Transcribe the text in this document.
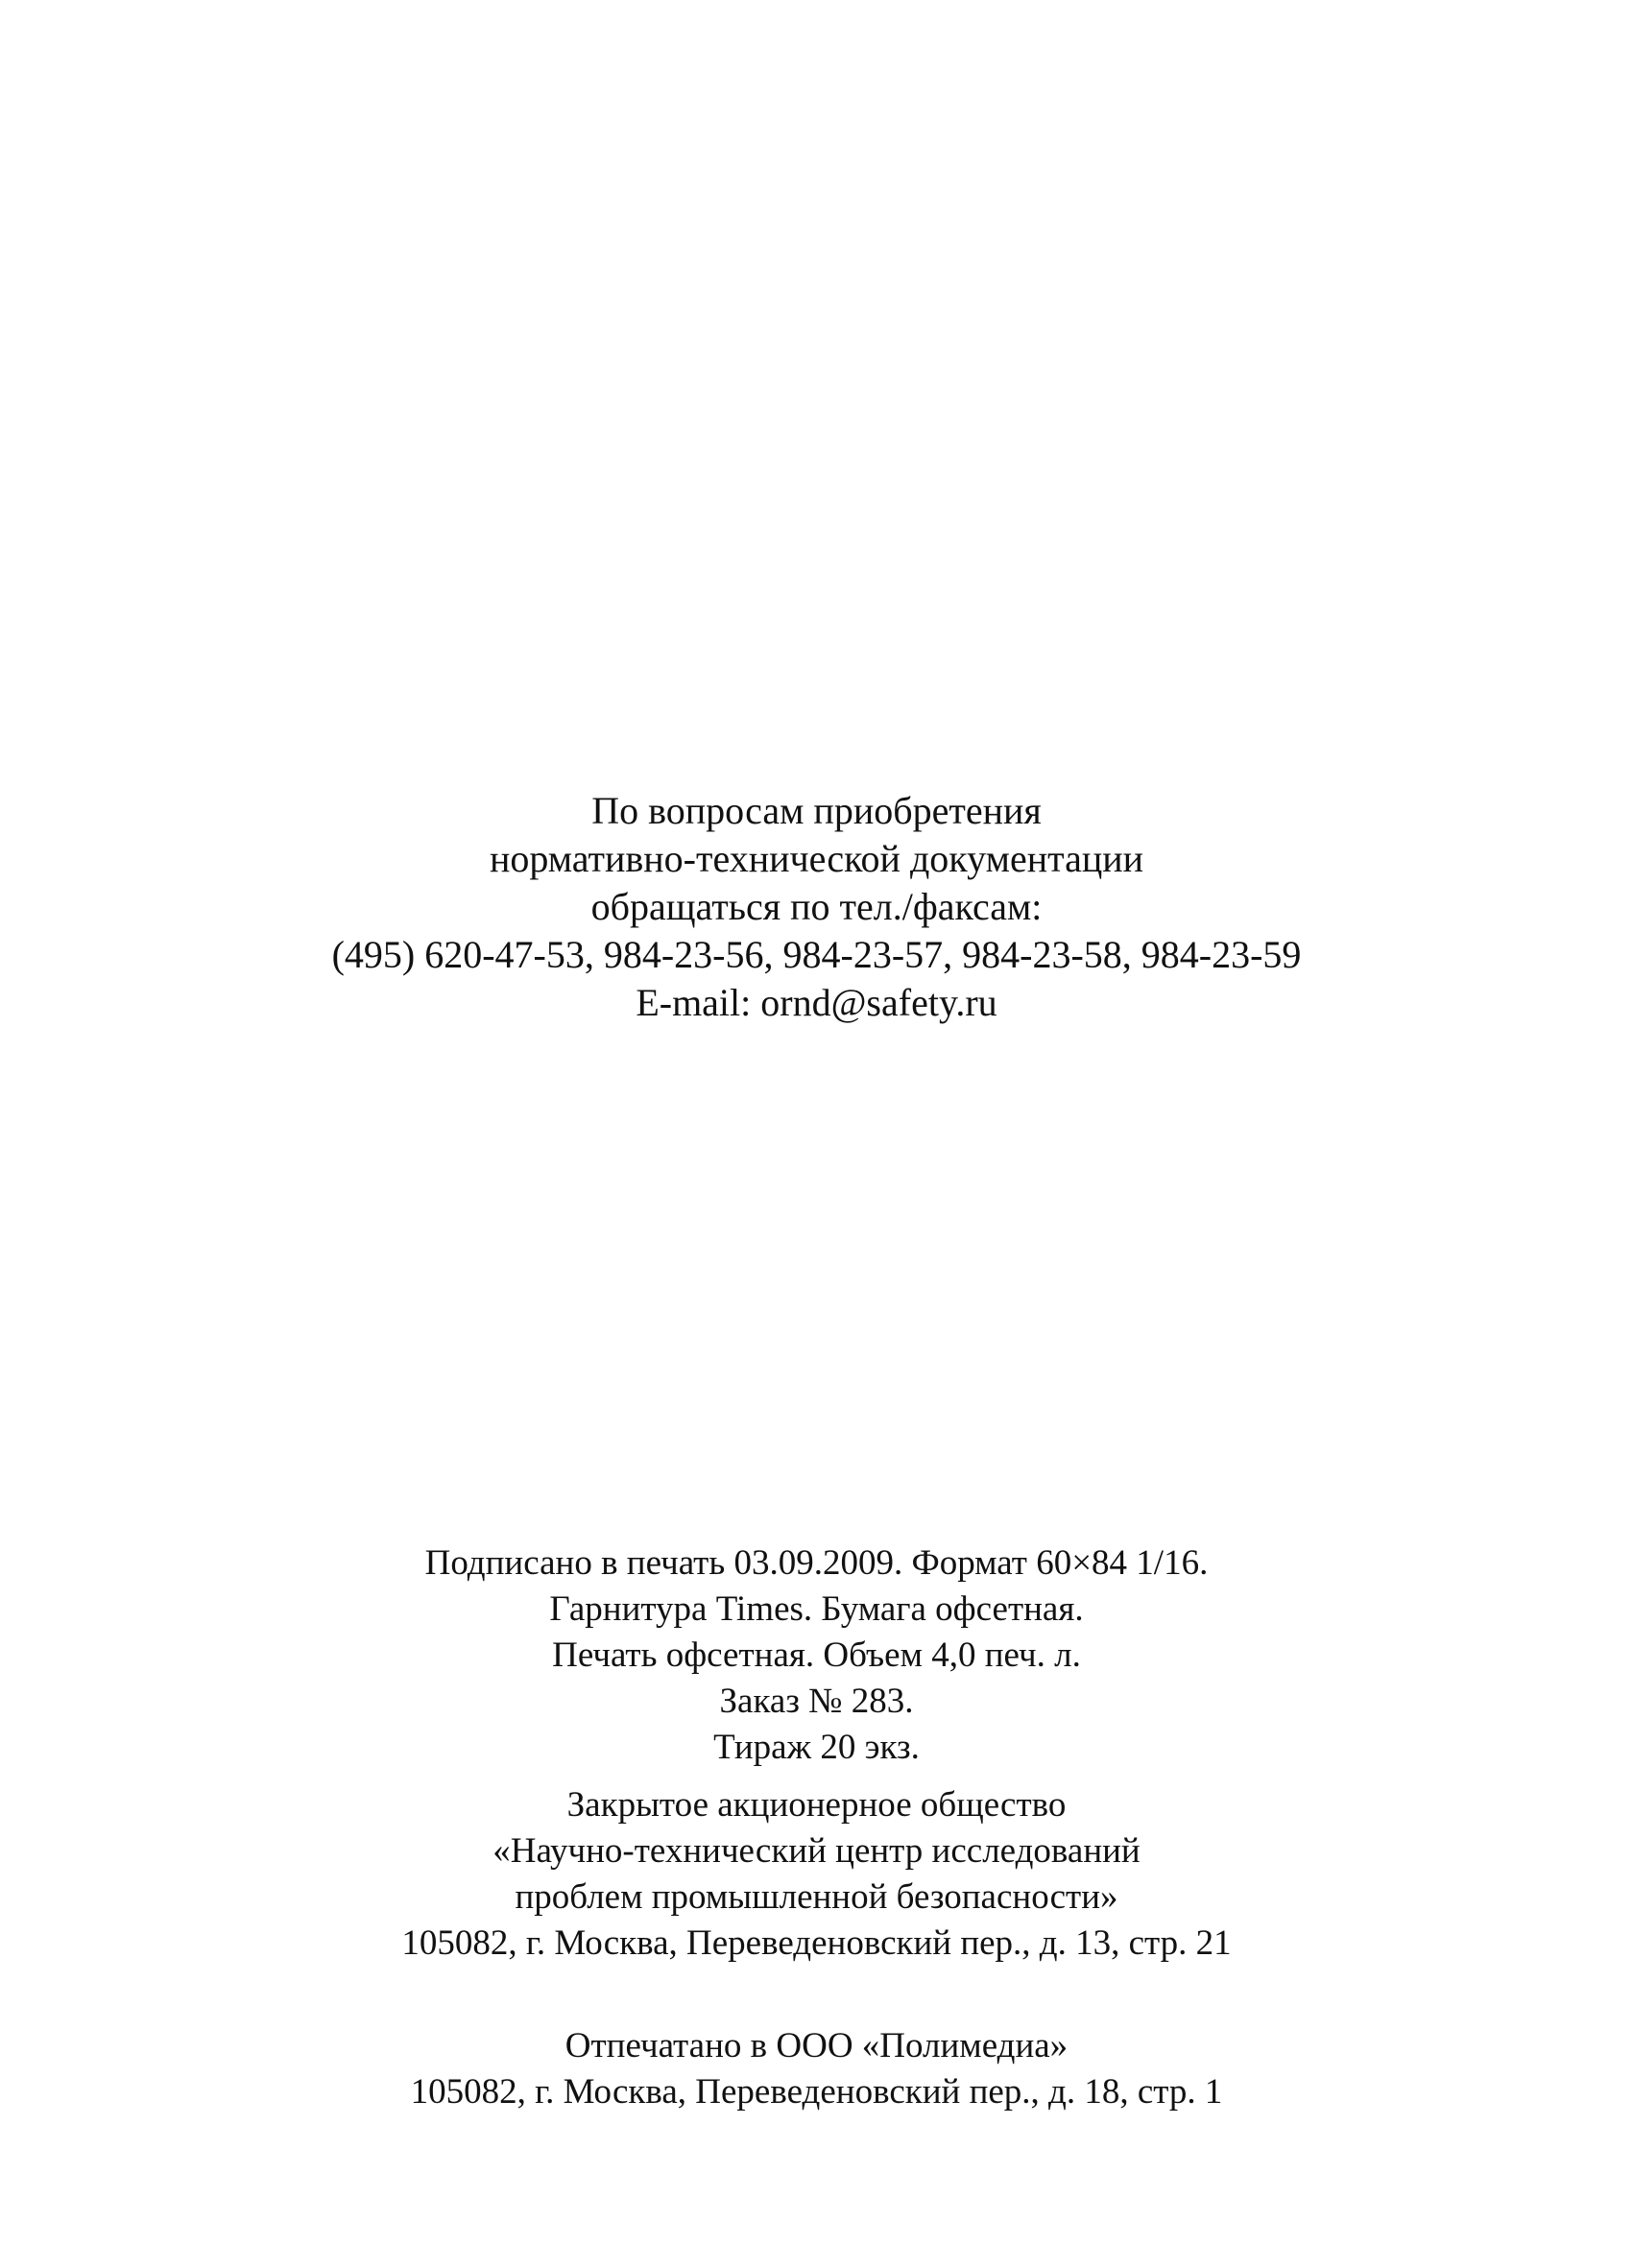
По вопросам приобретения
нормативно-технической документации
обращаться по тел./факсам:
(495) 620-47-53, 984-23-56, 984-23-57, 984-23-58, 984-23-59
E-mail: ornd@safety.ru
Подписано в печать 03.09.2009. Формат 60×84 1/16.
Гарнитура Times. Бумага офсетная.
Печать офсетная. Объем 4,0 печ. л.
Заказ № 283.
Тираж 20 экз.
Закрытое акционерное общество
«Научно-технический центр исследований
проблем промышленной безопасности»
105082, г. Москва, Переведеновский пер., д. 13, стр. 21
Отпечатано в ООО «Полимедиа»
105082, г. Москва, Переведеновский пер., д. 18, стр. 1
